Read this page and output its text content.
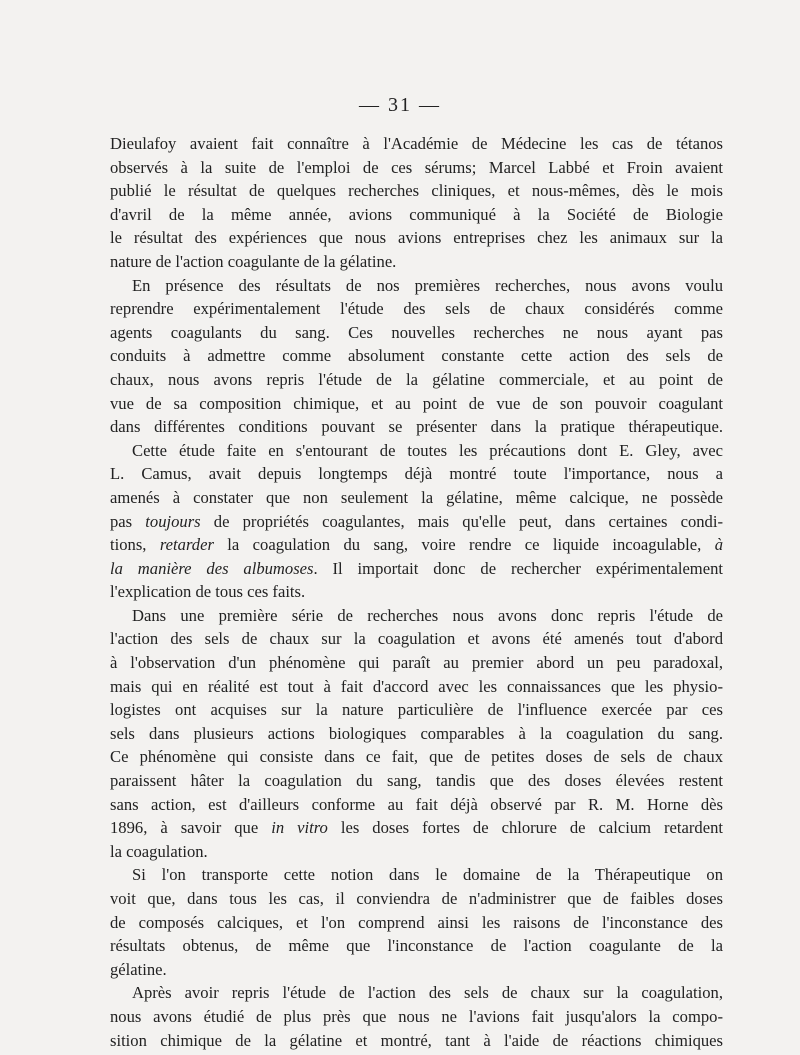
— 31 —
Dieulafoy avaient fait connaître à l'Académie de Médecine les cas de tétanos
observés à la suite de l'emploi de ces sérums; Marcel Labbé et Froin avaient
publié le résultat de quelques recherches cliniques, et nous-mêmes, dès le mois
d'avril de la même année, avions communiqué à la Société de Biologie
le résultat des expériences que nous avions entreprises chez les animaux sur la
nature de l'action coagulante de la gélatine.
En présence des résultats de nos premières recherches, nous avons voulu
reprendre expérimentalement l'étude des sels de chaux considérés comme
agents coagulants du sang. Ces nouvelles recherches ne nous ayant pas
conduits à admettre comme absolument constante cette action des sels de
chaux, nous avons repris l'étude de la gélatine commerciale, et au point de
vue de sa composition chimique, et au point de vue de son pouvoir coagulant
dans différentes conditions pouvant se présenter dans la pratique thérapeutique.
Cette étude faite en s'entourant de toutes les précautions dont E. Gley, avec
L. Camus, avait depuis longtemps déjà montré toute l'importance, nous a
amenés à constater que non seulement la gélatine, même calcique, ne possède
pas toujours de propriétés coagulantes, mais qu'elle peut, dans certaines condi-
tions, retarder la coagulation du sang, voire rendre ce liquide incoagulable, à
la manière des albumoses. Il importait donc de rechercher expérimentalement
l'explication de tous ces faits.
Dans une première série de recherches nous avons donc repris l'étude de
l'action des sels de chaux sur la coagulation et avons été amenés tout d'abord
à l'observation d'un phénomène qui paraît au premier abord un peu paradoxal,
mais qui en réalité est tout à fait d'accord avec les connaissances que les physio-
logistes ont acquises sur la nature particulière de l'influence exercée par ces
sels dans plusieurs actions biologiques comparables à la coagulation du sang.
Ce phénomène qui consiste dans ce fait, que de petites doses de sels de chaux
paraissent hâter la coagulation du sang, tandis que des doses élevées restent
sans action, est d'ailleurs conforme au fait déjà observé par R. M. Horne dès
1896, à savoir que in vitro les doses fortes de chlorure de calcium retardent
la coagulation.
Si l'on transporte cette notion dans le domaine de la Thérapeutique on
voit que, dans tous les cas, il conviendra de n'administrer que de faibles doses
de composés calciques, et l'on comprend ainsi les raisons de l'inconstance des
résultats obtenus, de même que l'inconstance de l'action coagulante de la
gélatine.
Après avoir repris l'étude de l'action des sels de chaux sur la coagulation,
nous avons étudié de plus près que nous ne l'avions fait jusqu'alors la compo-
sition chimique de la gélatine et montré, tant à l'aide de réactions chimiques
